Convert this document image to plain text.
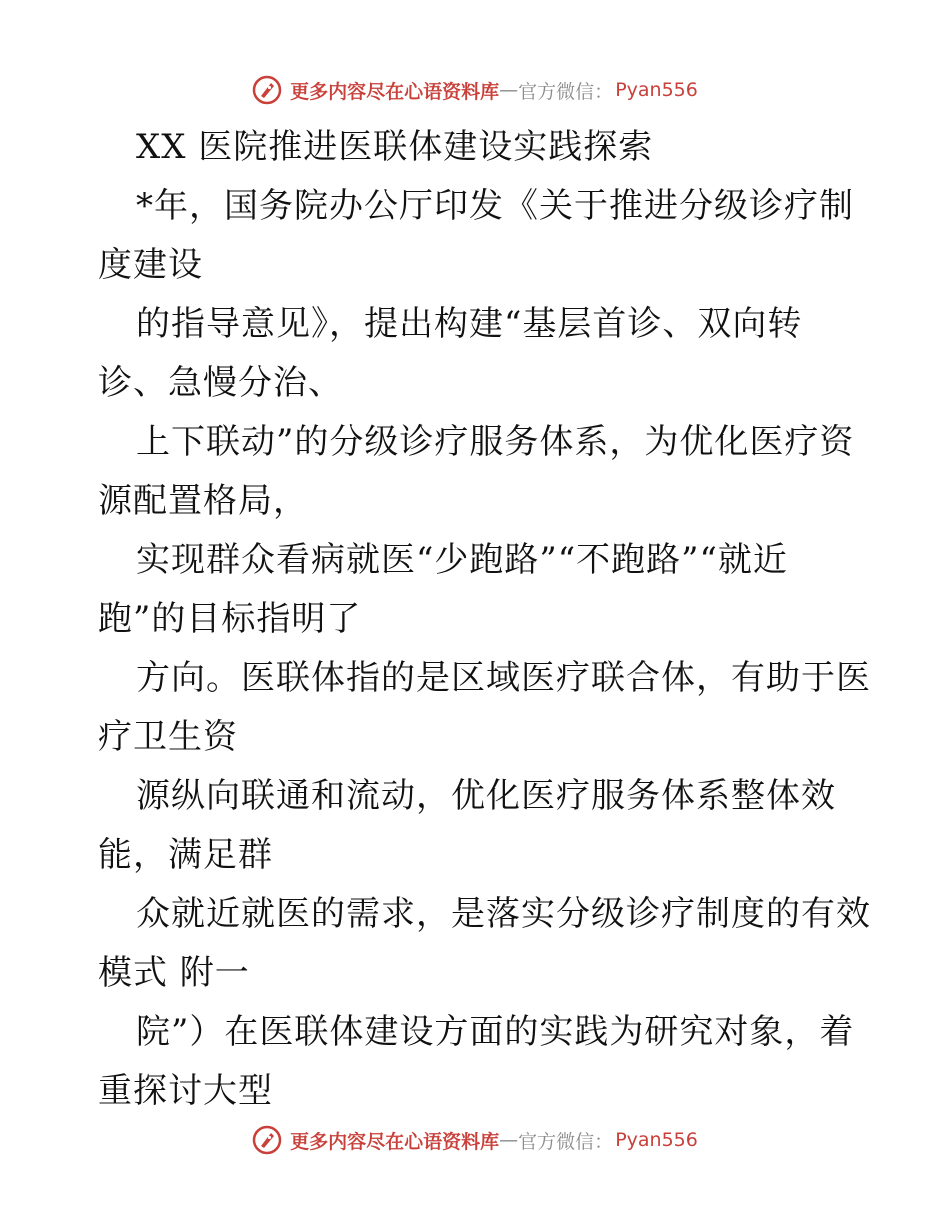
更多内容尽在心语资料库 — 官方微信： Pyan556
XX 医院推进医联体建设实践探索
*年，国务院办公厅印发《关于推进分级诊疗制
度建设
的指导意见》，提出构建“基层首诊、双向转
诊、急慢分治、
上下联动”的分级诊疗服务体系，为优化医疗资
源配置格局，
实现群众看病就医“少跑路”“不跑路”“就近
跑”的目标指明了
方向。医联体指的是区域医疗联合体，有助于医
疗卫生资
源纵向联通和流动，优化医疗服务体系整体效
能，满足群
众就近就医的需求，是落实分级诊疗制度的有效
模式 附一
院”）在医联体建设方面的实践为研究对象，着
重探讨大型
更多内容尽在心语资料库 — 官方微信： Pyan556
